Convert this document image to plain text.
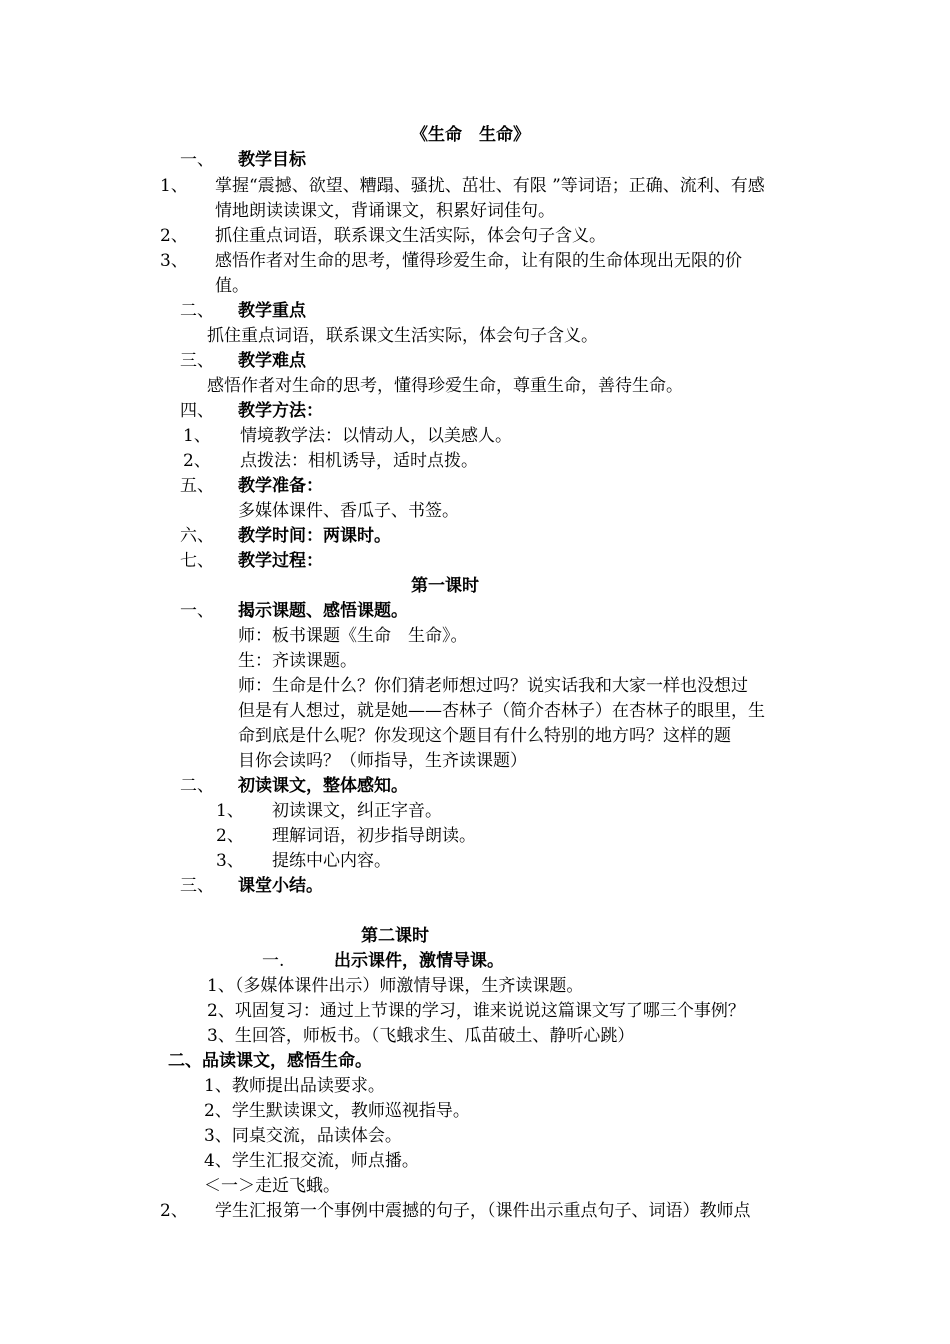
《生命　生命》
一、 教学目标
1、 掌握“震撼、欲望、糟蹋、骚扰、茁壮、有限 ”等词语；正确、流利、有感
情地朗读读课文，背诵课文，积累好词佳句。
2、 抓住重点词语，联系课文生活实际，体会句子含义。
3、 感悟作者对生命的思考，懂得珍爱生命，让有限的生命体现出无限的价
值。
二、 教学重点
抓住重点词语，联系课文生活实际，体会句子含义。
三、 教学难点
感悟作者对生命的思考，懂得珍爱生命，尊重生命，善待生命。
四、 教学方法：
1、 情境教学法：以情动人，以美感人。
2、 点拨法：相机诱导，适时点拨。
五、 教学准备：
多媒体课件、香瓜子、书签。
六、 教学时间：两课时。
七、 教学过程：
第一课时
一、 揭示课题、感悟课题。
师：板书课题《生命　生命》。
生：齐读课题。
师：生命是什么？你们猜老师想过吗？说实话我和大家一样也没想过
但是有人想过，就是她——杏林子（简介杏林子）在杏林子的眼里，生
命到底是什么呢？你发现这个题目有什么特别的地方吗？这样的题
目你会读吗？（师指导，生齐读课题）
二、 初读课文，整体感知。
1、 初读课文，纠正字音。
2、 理解词语，初步指导朗读。
3、 提练中心内容。
三、 课堂小结。
第二课时
一.	出示课件，激情导课。
1、（多媒体课件出示）师激情导课，生齐读课题。
2、巩固复习：通过上节课的学习，谁来说说这篇课文写了哪三个事例？
3、生回答，师板书。（飞蛾求生、瓜苗破土、静听心跳）
二、品读课文，感悟生命。
1、教师提出品读要求。
2、学生默读课文，教师巡视指导。
3、同桌交流，品读体会。
4、学生汇报交流，师点播。
＜一＞走近飞蛾。
2、 学生汇报第一个事例中震撼的句子，（课件出示重点句子、词语）教师点
